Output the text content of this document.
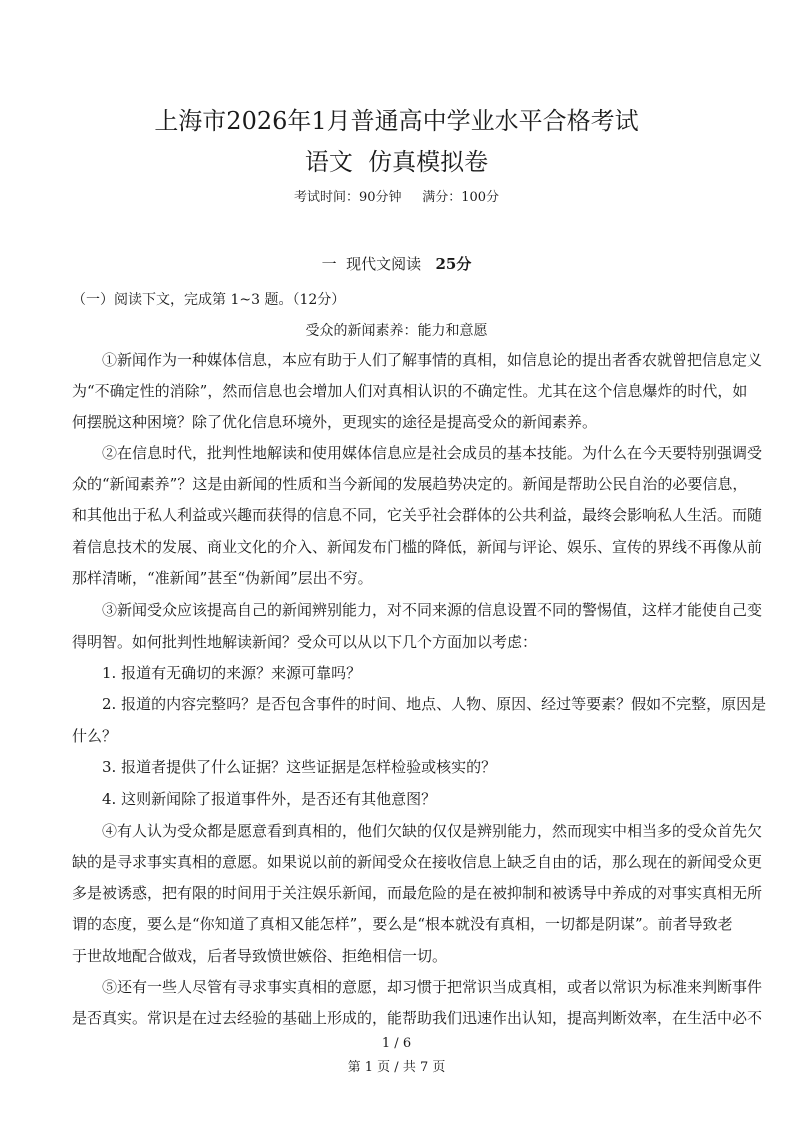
上海市2026年1月普通高中学业水平合格考试
语文  仿真模拟卷
考试时间：90分钟     满分：100分
一  现代文阅读 25分
（一）阅读下文，完成第 1~3 题。（12分）
受众的新闻素养：能力和意愿
①新闻作为一种媒体信息，本应有助于人们了解事情的真相，如信息论的提出者香农就曾把信息定义
为“不确定性的消除”，然而信息也会增加人们对真相认识的不确定性。尤其在这个信息爆炸的时代，如
何摆脱这种困境？除了优化信息环境外，更现实的途径是提高受众的新闻素养。
②在信息时代，批判性地解读和使用媒体信息应是社会成员的基本技能。为什么在今天要特别强调受
众的“新闻素养”？这是由新闻的性质和当今新闻的发展趋势决定的。新闻是帮助公民自治的必要信息，
和其他出于私人利益或兴趣而获得的信息不同，它关乎社会群体的公共利益，最终会影响私人生活。而随
着信息技术的发展、商业文化的介入、新闻发布门槛的降低，新闻与评论、娱乐、宣传的界线不再像从前
那样清晰，“准新闻”甚至“伪新闻”层出不穷。
③新闻受众应该提高自己的新闻辨别能力，对不同来源的信息设置不同的警惕值，这样才能使自己变
得明智。如何批判性地解读新闻？受众可以从以下几个方面加以考虑：
1. 报道有无确切的来源？来源可靠吗？
2. 报道的内容完整吗？是否包含事件的时间、地点、人物、原因、经过等要素？假如不完整，原因是
什么？
3. 报道者提供了什么证据？这些证据是怎样检验或核实的？
4. 这则新闻除了报道事件外，是否还有其他意图？
④有人认为受众都是愿意看到真相的，他们欠缺的仅仅是辨别能力，然而现实中相当多的受众首先欠
缺的是寻求事实真相的意愿。如果说以前的新闻受众在接收信息上缺乏自由的话，那么现在的新闻受众更
多是被诱惑，把有限的时间用于关注娱乐新闻，而最危险的是在被抑制和被诱导中养成的对事实真相无所
谓的态度，要么是“你知道了真相又能怎样”，要么是“根本就没有真相，一切都是阴谋”。前者导致老
于世故地配合做戏，后者导致愤世嫉俗、拒绝相信一切。
⑤还有一些人尽管有寻求事实真相的意愿，却习惯于把常识当成真相，或者以常识为标准来判断事件
是否真实。常识是在过去经验的基础上形成的，能帮助我们迅速作出认知，提高判断效率，在生活中必不
1 / 6
第 1 页 / 共 7 页
